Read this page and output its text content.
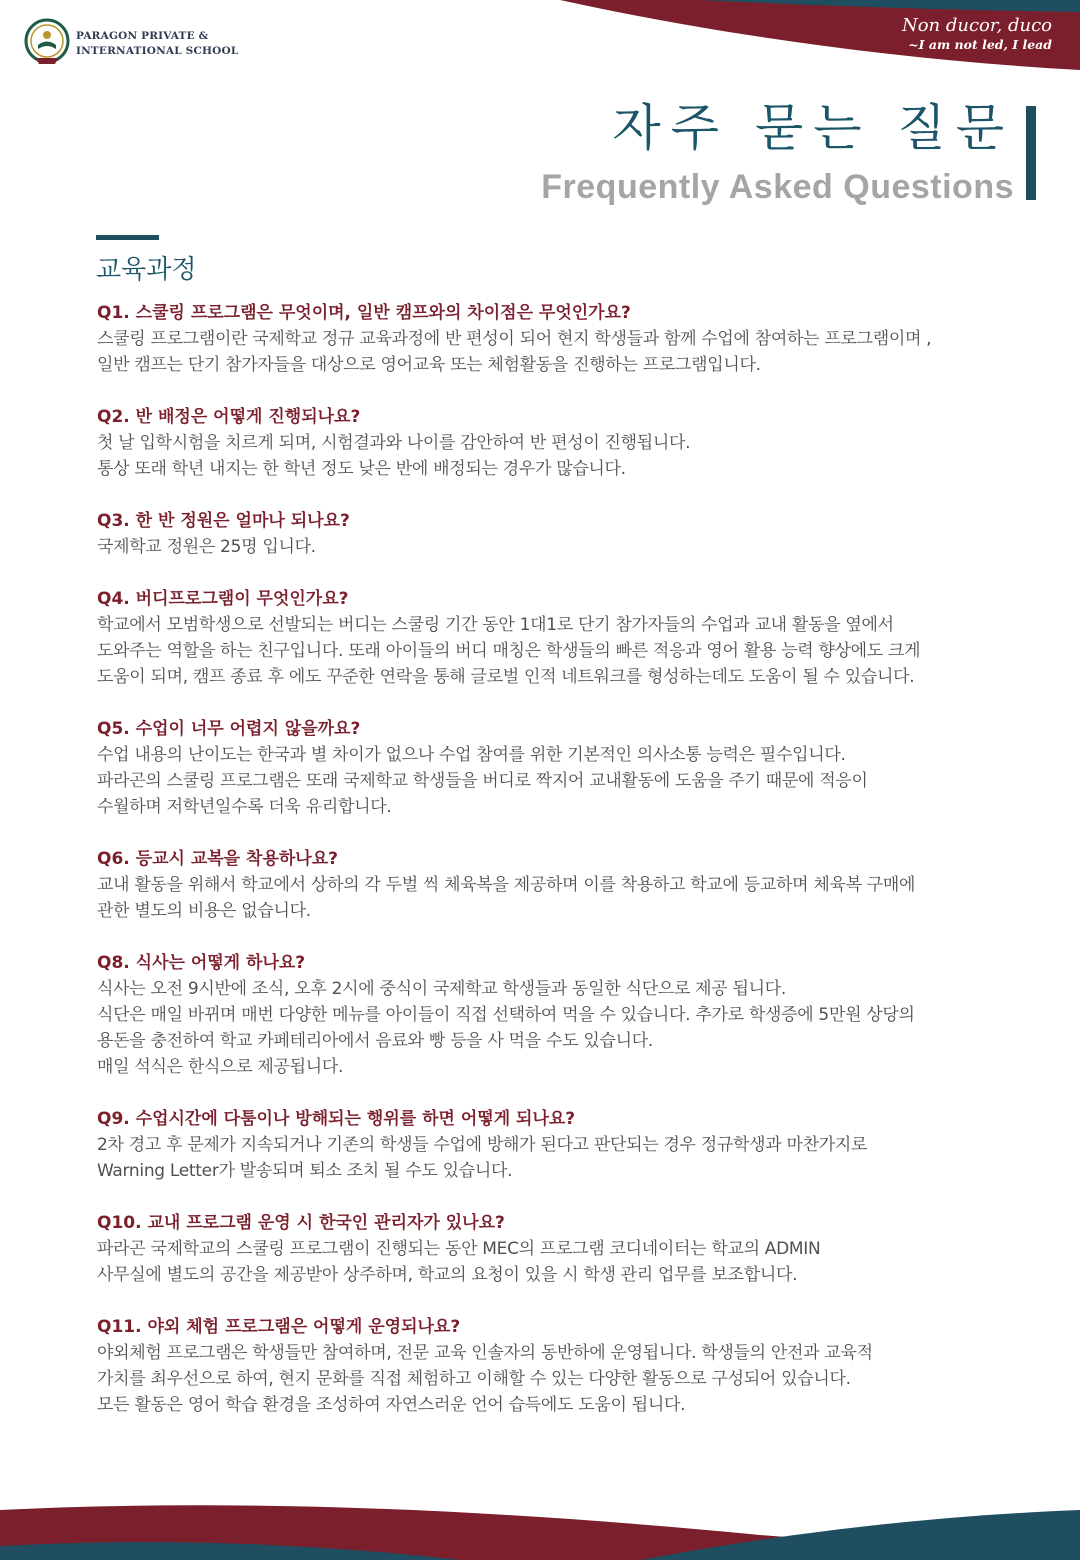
PARAGON PRIVATE &
INTERNATIONAL SCHOOL
Non ducor, duco
~I am not led, I lead
자주 묻는 질문
Frequently Asked Questions
교육과정
Q1. 스쿨링 프로그램은 무엇이며, 일반 캠프와의 차이점은 무엇인가요?
스쿨링 프로그램이란 국제학교 정규 교육과정에 반 편성이 되어 현지 학생들과 함께 수업에 참여하는 프로그램이며 ,
일반 캠프는 단기 참가자들을 대상으로 영어교육 또는 체험활동을 진행하는 프로그램입니다.
Q2. 반 배정은 어떻게 진행되나요?
첫 날 입학시험을 치르게 되며, 시험결과와 나이를 감안하여 반 편성이 진행됩니다.
통상 또래 학년 내지는 한 학년 정도 낮은 반에 배정되는 경우가 많습니다.
Q3. 한 반 정원은 얼마나 되나요?
국제학교 정원은 25명 입니다.
Q4. 버디프로그램이 무엇인가요?
학교에서 모범학생으로 선발되는 버디는 스쿨링 기간 동안 1대1로 단기 참가자들의 수업과 교내 활동을 옆에서
도와주는 역할을 하는 친구입니다. 또래 아이들의 버디 매칭은 학생들의 빠른 적응과 영어 활용 능력 향상에도 크게
도움이 되며, 캠프 종료 후 에도 꾸준한 연락을 통해 글로벌 인적 네트워크를 형성하는데도 도움이 될 수 있습니다.
Q5. 수업이 너무 어렵지 않을까요?
수업 내용의 난이도는 한국과 별 차이가 없으나 수업 참여를 위한 기본적인 의사소통 능력은 필수입니다.
파라곤의 스쿨링 프로그램은 또래 국제학교 학생들을 버디로 짝지어 교내활동에 도움을 주기 때문에 적응이
수월하며 저학년일수록 더욱 유리합니다.
Q6. 등교시 교복을 착용하나요?
교내 활동을 위해서 학교에서 상하의 각 두벌 씩 체육복을 제공하며 이를 착용하고 학교에 등교하며 체육복 구매에
관한 별도의 비용은 없습니다.
Q8. 식사는 어떻게 하나요?
식사는 오전 9시반에 조식, 오후 2시에 중식이 국제학교 학생들과 동일한 식단으로 제공 됩니다.
식단은 매일 바뀌며 매번 다양한 메뉴를 아이들이 직접 선택하여 먹을 수 있습니다. 추가로 학생증에 5만원 상당의
용돈을 충전하여 학교 카페테리아에서 음료와 빵 등을 사 먹을 수도 있습니다.
매일 석식은 한식으로 제공됩니다.
Q9. 수업시간에 다툼이나 방해되는 행위를 하면 어떻게 되나요?
2차 경고 후 문제가 지속되거나 기존의 학생들 수업에 방해가 된다고 판단되는 경우 정규학생과 마찬가지로
Warning Letter가 발송되며 퇴소 조치 될 수도 있습니다.
Q10. 교내 프로그램 운영 시 한국인 관리자가 있나요?
파라곤 국제학교의 스쿨링 프로그램이 진행되는 동안 MEC의 프로그램 코디네이터는 학교의 ADMIN
사무실에 별도의 공간을 제공받아 상주하며, 학교의 요청이 있을 시 학생 관리 업무를 보조합니다.
Q11. 야외 체험 프로그램은 어떻게 운영되나요?
야외체험 프로그램은 학생들만 참여하며, 전문 교육 인솔자의 동반하에 운영됩니다. 학생들의 안전과 교육적
가치를 최우선으로 하여, 현지 문화를 직접 체험하고 이해할 수 있는 다양한 활동으로 구성되어 있습니다.
모든 활동은 영어 학습 환경을 조성하여 자연스러운 언어 습득에도 도움이 됩니다.
